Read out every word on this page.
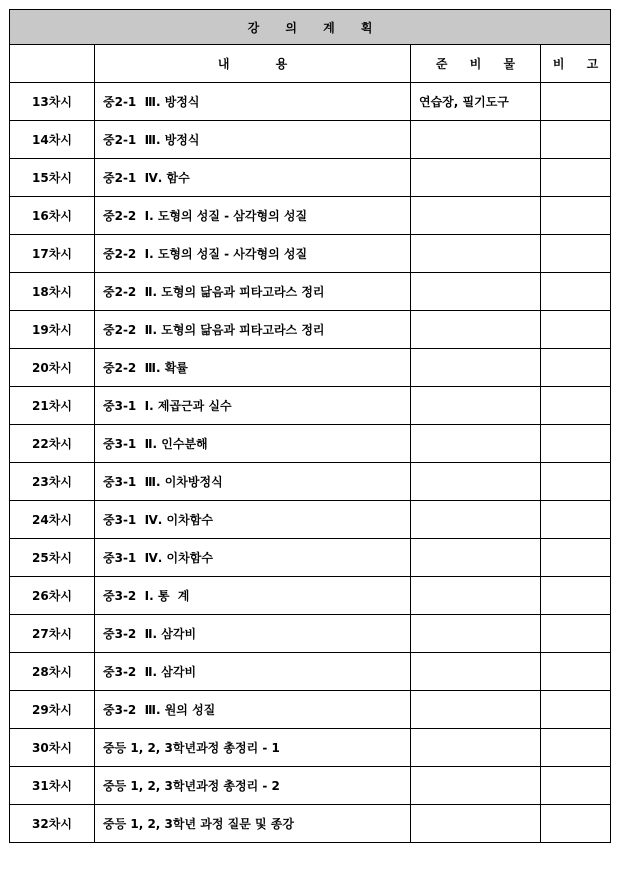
강 의 계 획			
	내 용	준 비 물	비 고
13차시	중2-1  Ⅲ. 방정식	연습장, 필기도구	
14차시	중2-1  Ⅲ. 방정식		
15차시	중2-1  Ⅳ. 함수		
16차시	중2-2  Ⅰ. 도형의 성질 - 삼각형의 성질		
17차시	중2-2  Ⅰ. 도형의 성질 - 사각형의 성질		
18차시	중2-2  Ⅱ. 도형의 닮음과 피타고라스 정리		
19차시	중2-2  Ⅱ. 도형의 닮음과 피타고라스 정리		
20차시	중2-2  Ⅲ. 확률		
21차시	중3-1  Ⅰ. 제곱근과 실수		
22차시	중3-1  Ⅱ. 인수분해		
23차시	중3-1  Ⅲ. 이차방정식		
24차시	중3-1  Ⅳ. 이차함수		
25차시	중3-1  Ⅳ. 이차함수		
26차시	중3-2  Ⅰ. 통  계		
27차시	중3-2  Ⅱ. 삼각비		
28차시	중3-2  Ⅱ. 삼각비		
29차시	중3-2  Ⅲ. 원의 성질		
30차시	중등 1, 2, 3학년과정 총정리 - 1		
31차시	중등 1, 2, 3학년과정 총정리 - 2		
32차시	중등 1, 2, 3학년 과정 질문 및 종강		
